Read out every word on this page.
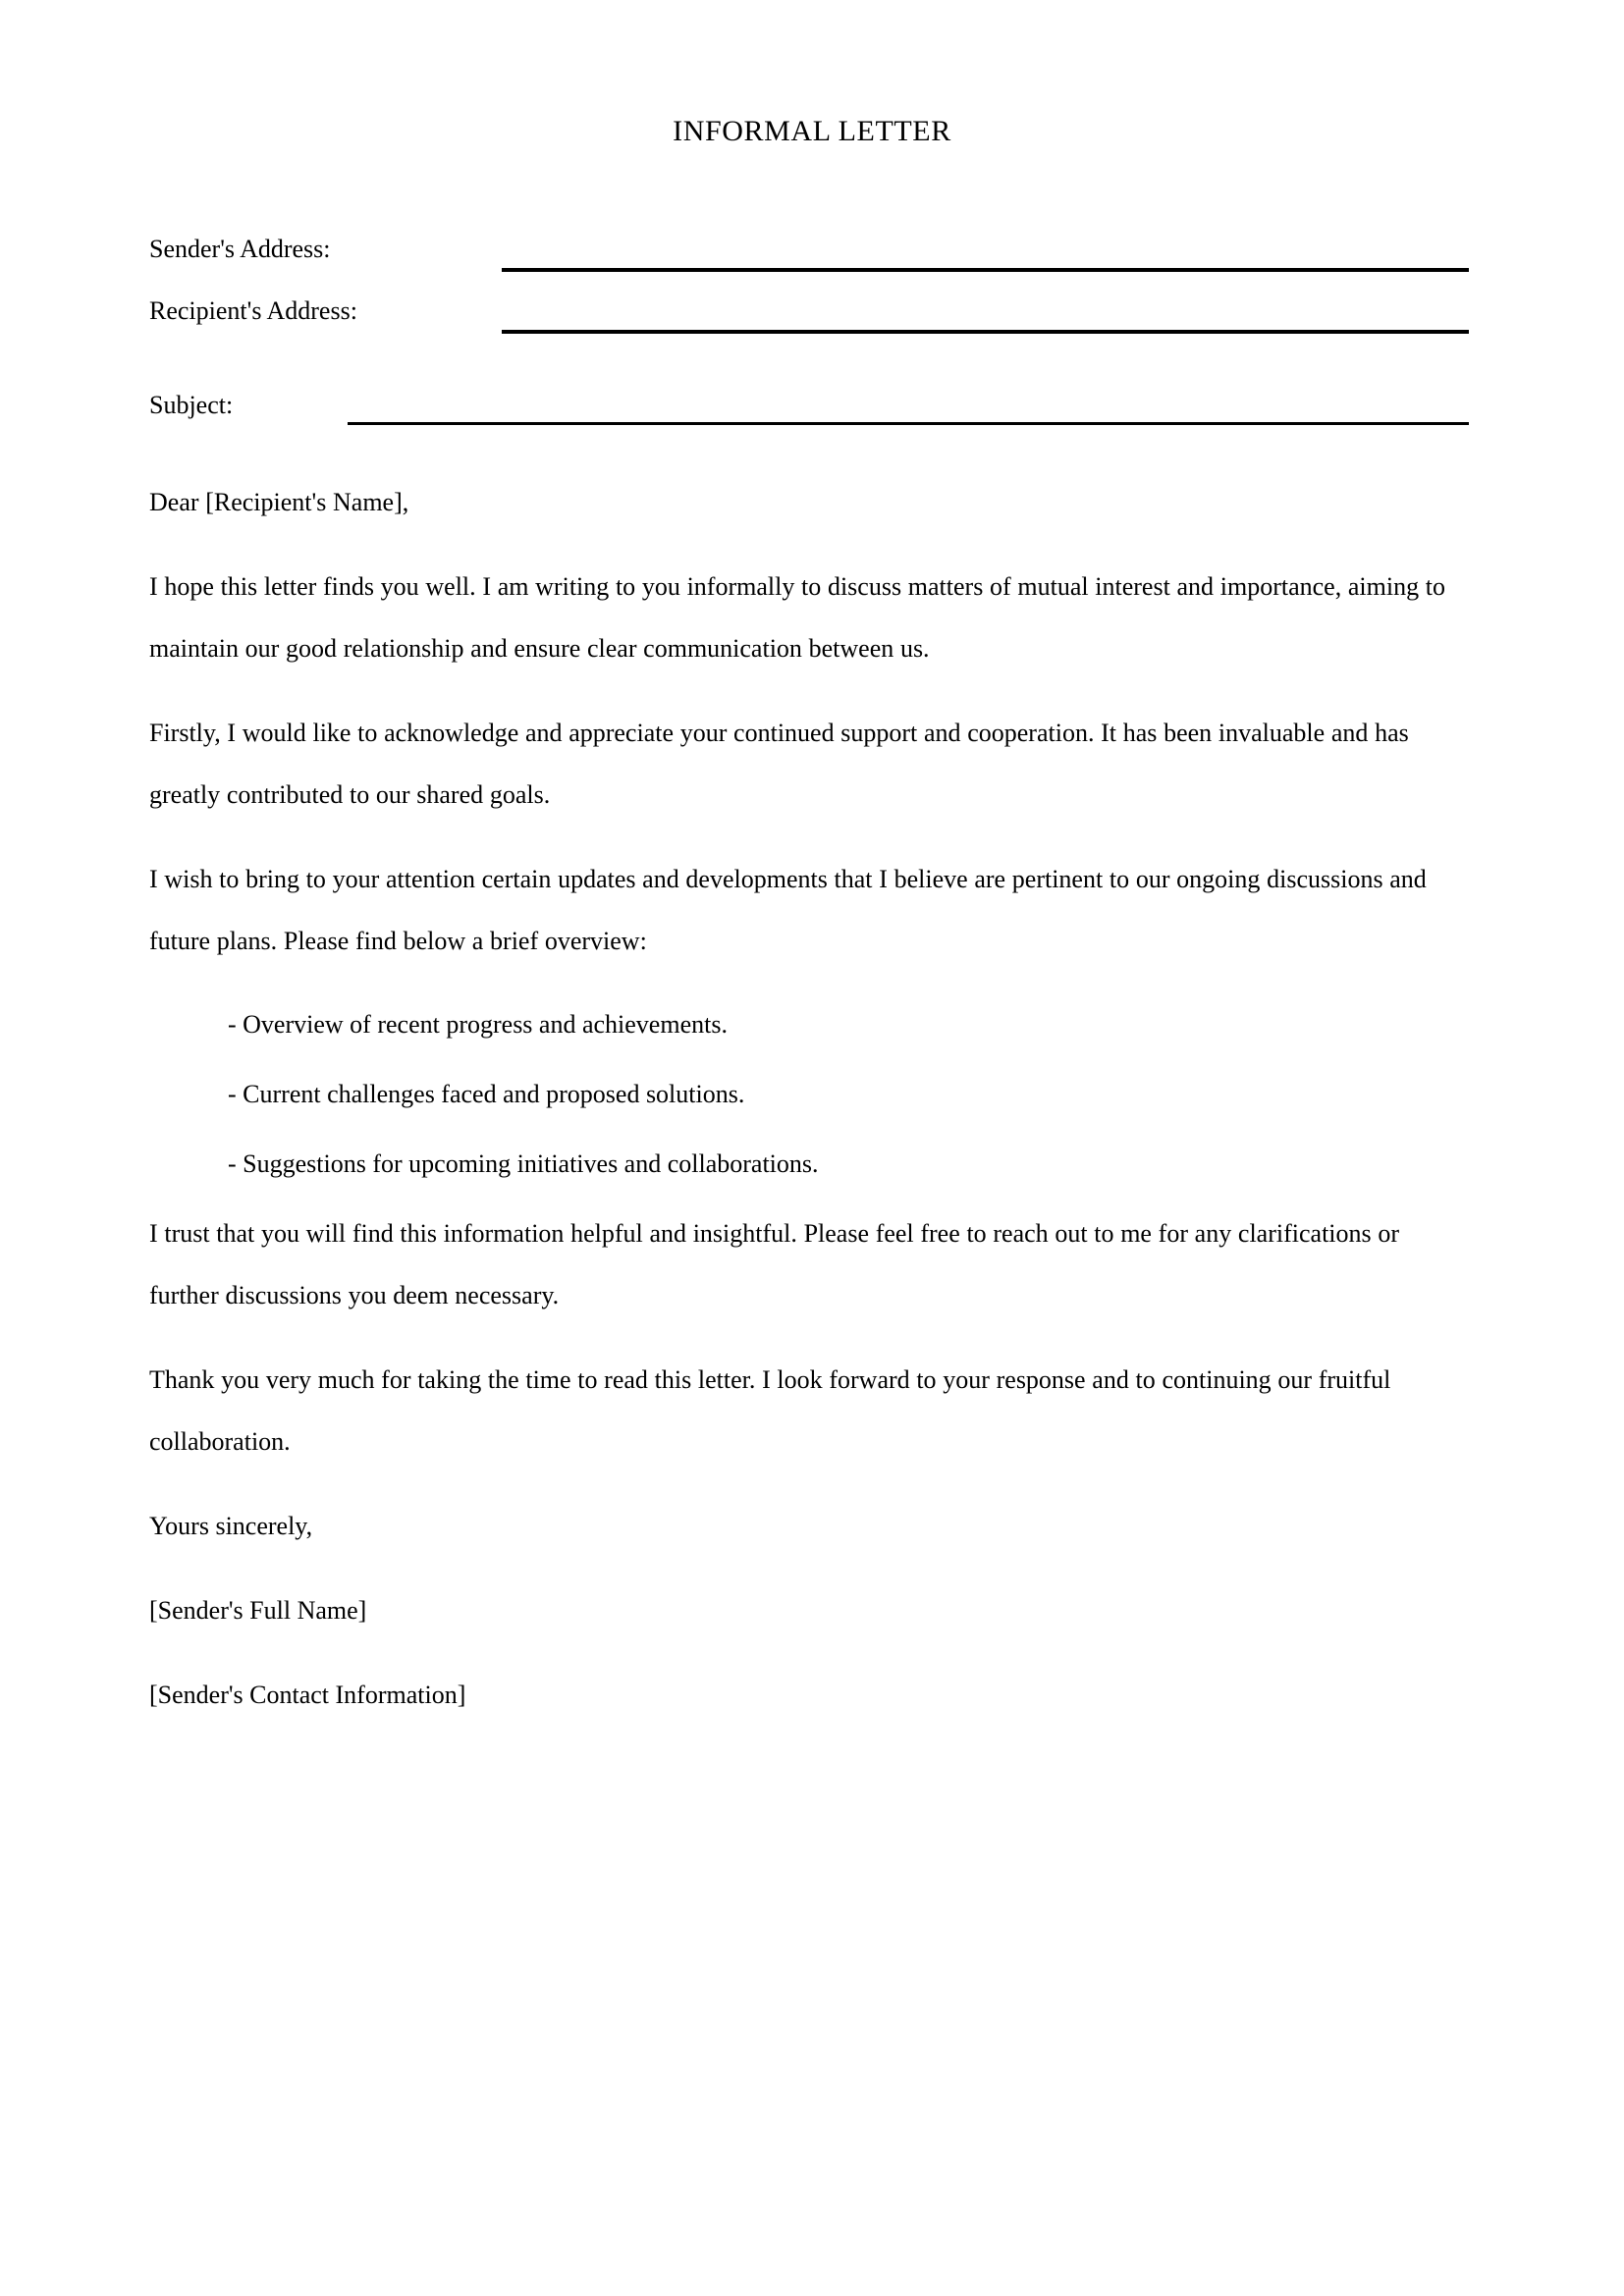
INFORMAL LETTER
Sender's Address:
Recipient's Address:
Subject:

Dear [Recipient's Name],

I hope this letter finds you well. I am writing to you informally to discuss matters of mutual interest and importance, aiming to maintain our good relationship and ensure clear communication between us.

Firstly, I would like to acknowledge and appreciate your continued support and cooperation. It has been invaluable and has greatly contributed to our shared goals.

I wish to bring to your attention certain updates and developments that I believe are pertinent to our ongoing discussions and future plans. Please find below a brief overview:

- Overview of recent progress and achievements.
- Current challenges faced and proposed solutions.
- Suggestions for upcoming initiatives and collaborations.

I trust that you will find this information helpful and insightful. Please feel free to reach out to me for any clarifications or further discussions you deem necessary.

Thank you very much for taking the time to read this letter. I look forward to your response and to continuing our fruitful collaboration.

Yours sincerely,

[Sender's Full Name]

[Sender's Contact Information]
